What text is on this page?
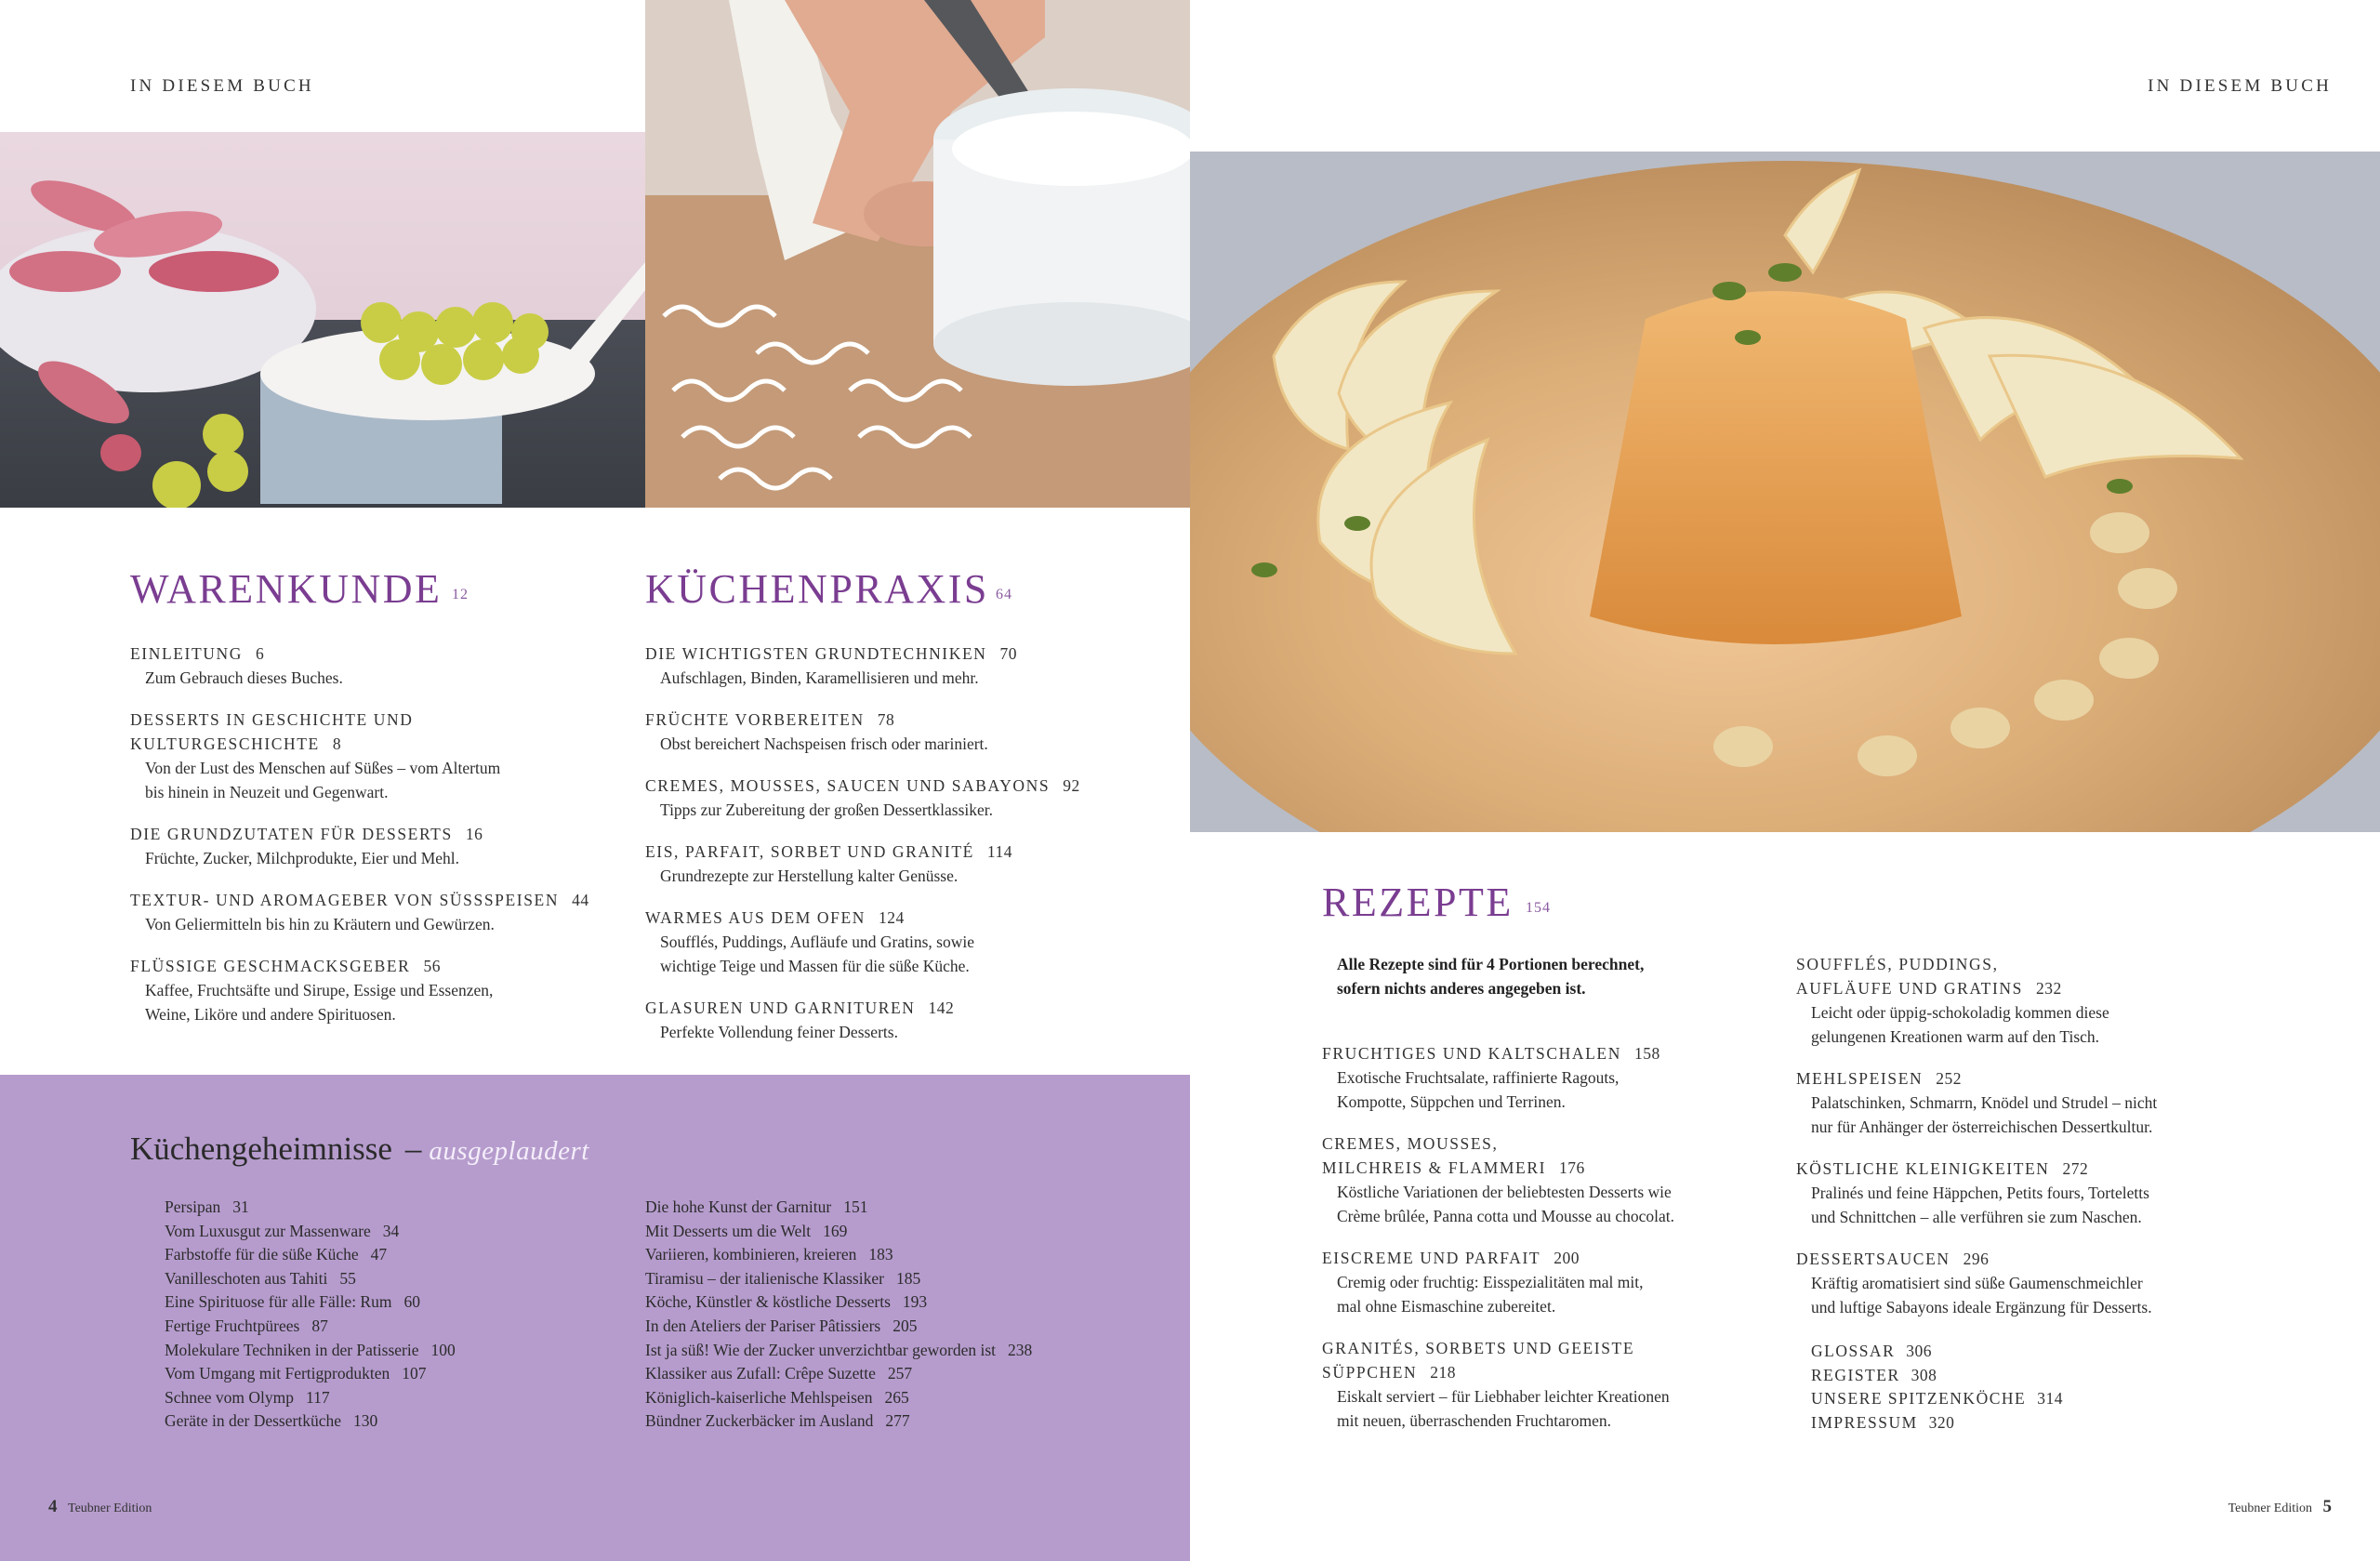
IN DIESEM BUCH	IN DIESEM BUCH
WARENKUNDE 12
EINLEITUNG 6
Zum Gebrauch dieses Buches.
DESSERTS IN GESCHICHTE UND
KULTURGESCHICHTE 8
Von der Lust des Menschen auf Süßes – vom Altertum
bis hinein in Neuzeit und Gegenwart.
DIE GRUNDZUTATEN FÜR DESSERTS 16
Früchte, Zucker, Milchprodukte, Eier und Mehl.
TEXTUR- UND AROMAGEBER VON SÜSSSPEISEN 44
Von Geliermitteln bis hin zu Kräutern und Gewürzen.
FLÜSSIGE GESCHMACKSGEBER 56
Kaffee, Fruchtsäfte und Sirupe, Essige und Essenzen,
Weine, Liköre und andere Spirituosen.
KÜCHENPRAXIS 64
DIE WICHTIGSTEN GRUNDTECHNIKEN 70
Aufschlagen, Binden, Karamellisieren und mehr.
FRÜCHTE VORBEREITEN 78
Obst bereichert Nachspeisen frisch oder mariniert.
CREMES, MOUSSES, SAUCEN UND SABAYONS 92
Tipps zur Zubereitung der großen Dessertklassiker.
EIS, PARFAIT, SORBET UND GRANITÉ 114
Grundrezepte zur Herstellung kalter Genüsse.
WARMES AUS DEM OFEN 124
Soufflés, Puddings, Aufläufe und Gratins, sowie
wichtige Teige und Massen für die süße Küche.
GLASUREN UND GARNITUREN 142
Perfekte Vollendung feiner Desserts.
REZEPTE 154
Alle Rezepte sind für 4 Portionen berechnet,
sofern nichts anderes angegeben ist.
FRUCHTIGES UND KALTSCHALEN 158
Exotische Fruchtsalate, raffinierte Ragouts,
Kompotte, Süppchen und Terrinen.
CREMES, MOUSSES,
MILCHREIS & FLAMMERI 176
Köstliche Variationen der beliebtesten Desserts wie
Crème brûlée, Panna cotta und Mousse au chocolat.
EISCREME UND PARFAIT 200
Cremig oder fruchtig: Eisspezialitäten mal mit,
mal ohne Eismaschine zubereitet.
GRANITÉS, SORBETS UND GEEISTE
SÜPPCHEN 218
Eiskalt serviert – für Liebhaber leichter Kreationen
mit neuen, überraschenden Fruchtaromen.
SOUFFLÉS, PUDDINGS,
AUFLÄUFE UND GRATINS 232
Leicht oder üppig-schokoladig kommen diese
gelungenen Kreationen warm auf den Tisch.
MEHLSPEISEN 252
Palatschinken, Schmarrn, Knödel und Strudel – nicht
nur für Anhänger der österreichischen Dessertkultur.
KÖSTLICHE KLEINIGKEITEN 272
Pralinés und feine Häppchen, Petits fours, Torteletts
und Schnittchen – alle verführen sie zum Naschen.
DESSERTSAUCEN 296
Kräftig aromatisiert sind süße Gaumenschmeichler
und luftige Sabayons ideale Ergänzung für Desserts.
GLOSSAR 306
REGISTER 308
UNSERE SPITZENKÖCHE 314
IMPRESSUM 320
Küchengeheimnisse – ausgeplaudert
Persipan 31
Vom Luxusgut zur Massenware 34
Farbstoffe für die süße Küche 47
Vanilleschoten aus Tahiti 55
Eine Spirituose für alle Fälle: Rum 60
Fertige Fruchtpürees 87
Molekulare Techniken in der Patisserie 100
Vom Umgang mit Fertigprodukten 107
Schnee vom Olymp 117
Geräte in der Dessertküche 130
Die hohe Kunst der Garnitur 151
Mit Desserts um die Welt 169
Variieren, kombinieren, kreieren 183
Tiramisu – der italienische Klassiker 185
Köche, Künstler & köstliche Desserts 193
In den Ateliers der Pariser Pâtissiers 205
Ist ja süß! Wie der Zucker unverzichtbar geworden ist 238
Klassiker aus Zufall: Crêpe Suzette 257
Königlich-kaiserliche Mehlspeisen 265
Bündner Zuckerbäcker im Ausland 277
4 Teubner Edition	Teubner Edition 5
